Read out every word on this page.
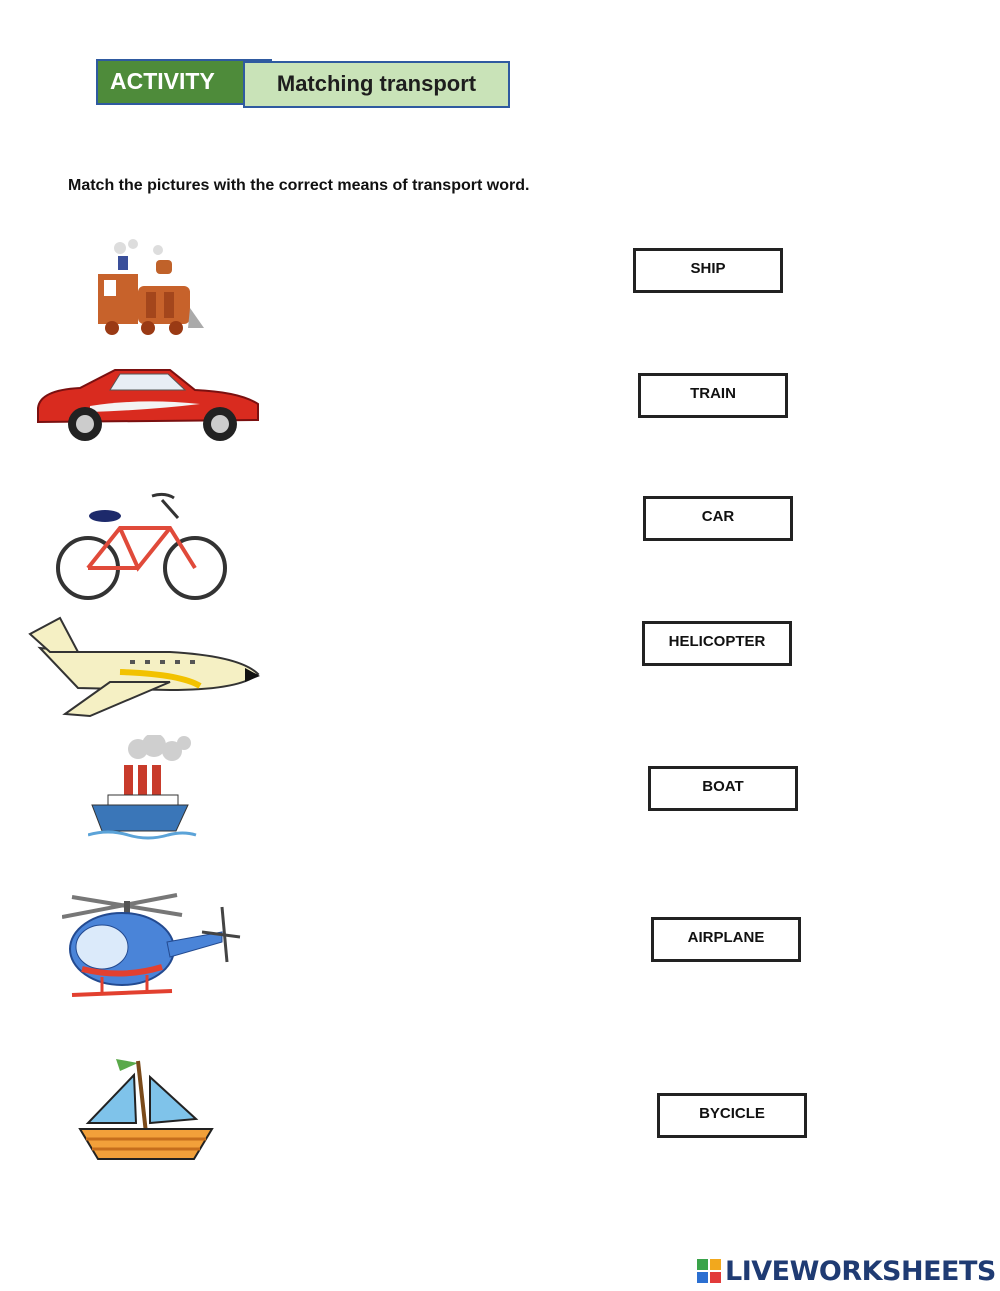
ACTIVITY	Matching transport
Match the pictures with the correct means of transport word.
SHIP
TRAIN
CAR
HELICOPTER
BOAT
AIRPLANE
BYCICLE
LIVEWORKSHEETS
